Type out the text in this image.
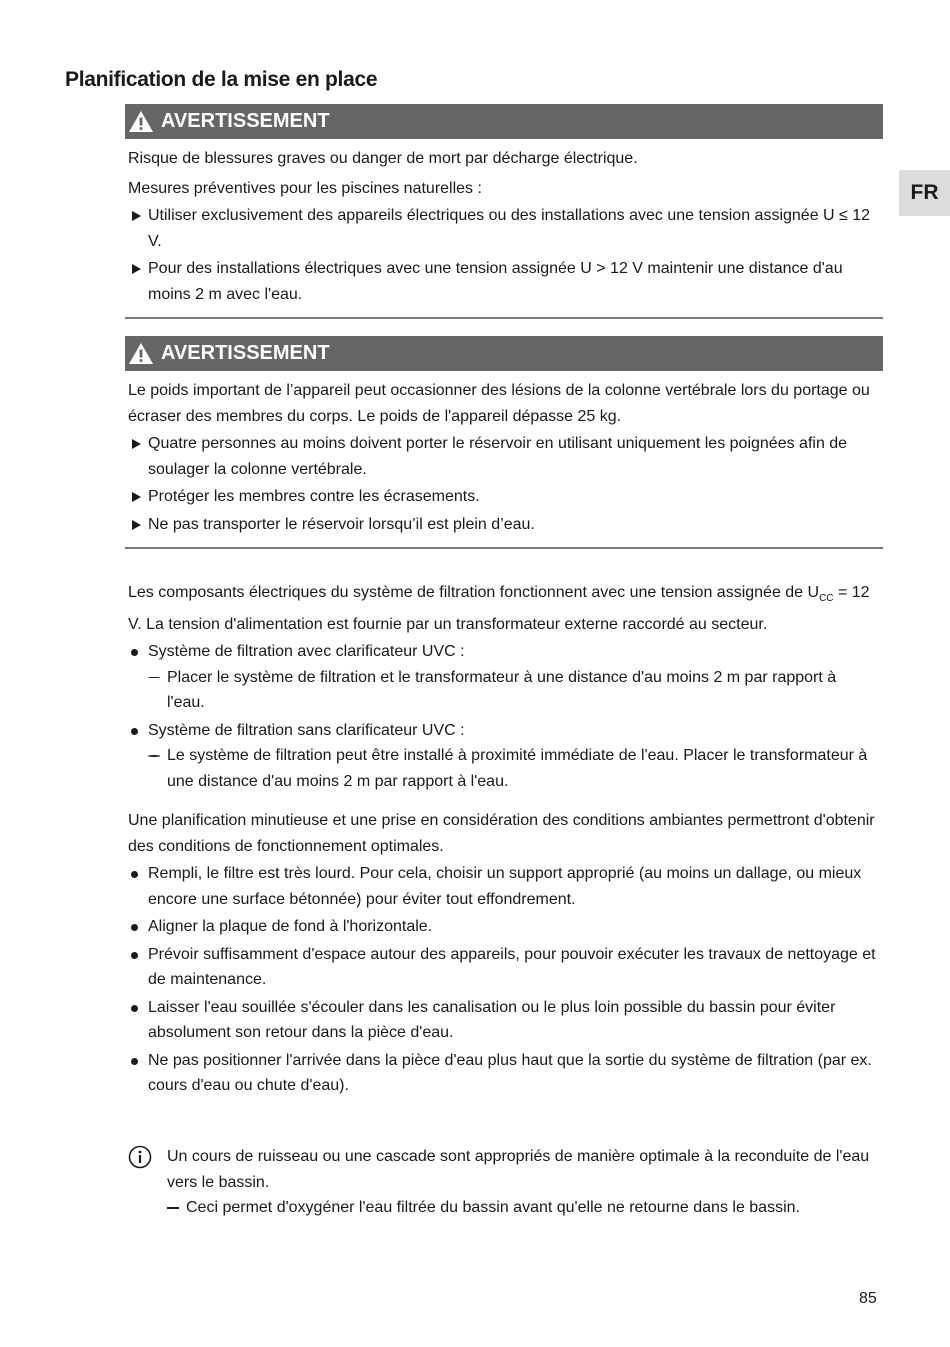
Planification de la mise en place
FR
AVERTISSEMENT

Risque de blessures graves ou danger de mort par décharge électrique.

Mesures préventives pour les piscines naturelles :

Utiliser exclusivement des appareils électriques ou des installations avec une tension assignée U ≤ 12 V.
Pour des installations électriques avec une tension assignée U > 12 V maintenir une distance d'au moins 2 m avec l'eau.
AVERTISSEMENT

Le poids important de l’appareil peut occasionner des lésions de la colonne vertébrale lors du portage ou écraser des membres du corps. Le poids de l'appareil dépasse 25 kg.

Quatre personnes au moins doivent porter le réservoir en utilisant uniquement les poignées afin de soulager la colonne vertébrale.
Protéger les membres contre les écrasements.
Ne pas transporter le réservoir lorsqu’il est plein d’eau.

Les composants électriques du système de filtration fonctionnent avec une tension assignée de $U_{CC} = 12$ V. La tension d'alimentation est fournie par un transformateur externe raccordé au secteur.

Système de filtration avec clarificateur UVC :
Placer le système de filtration et le transformateur à une distance d'au moins 2 m par rapport à l'eau.
Système de filtration sans clarificateur UVC :
Le système de filtration peut être installé à proximité immédiate de l'eau. Placer le transformateur à une distance d'au moins 2 m par rapport à l'eau.

Une planification minutieuse et une prise en considération des conditions ambiantes permettront d'obtenir des conditions de fonctionnement optimales.

Rempli, le filtre est très lourd. Pour cela, choisir un support approprié (au moins un dallage, ou mieux encore une surface bétonnée) pour éviter tout effondrement.
Aligner la plaque de fond à l'horizontale.
Prévoir suffisamment d'espace autour des appareils, pour pouvoir exécuter les travaux de nettoyage et de maintenance.
Laisser l'eau souillée s'écouler dans les canalisation ou le plus loin possible du bassin pour éviter absolument son retour dans la pièce d'eau.
Ne pas positionner l'arrivée dans la pièce d'eau plus haut que la sortie du système de filtration (par ex. cours d'eau ou chute d'eau).

Un cours de ruisseau ou une cascade sont appropriés de manière optimale à la reconduite de l'eau vers le bassin.

Ceci permet d'oxygéner l'eau filtrée du bassin avant qu'elle ne retourne dans le bassin.
85
